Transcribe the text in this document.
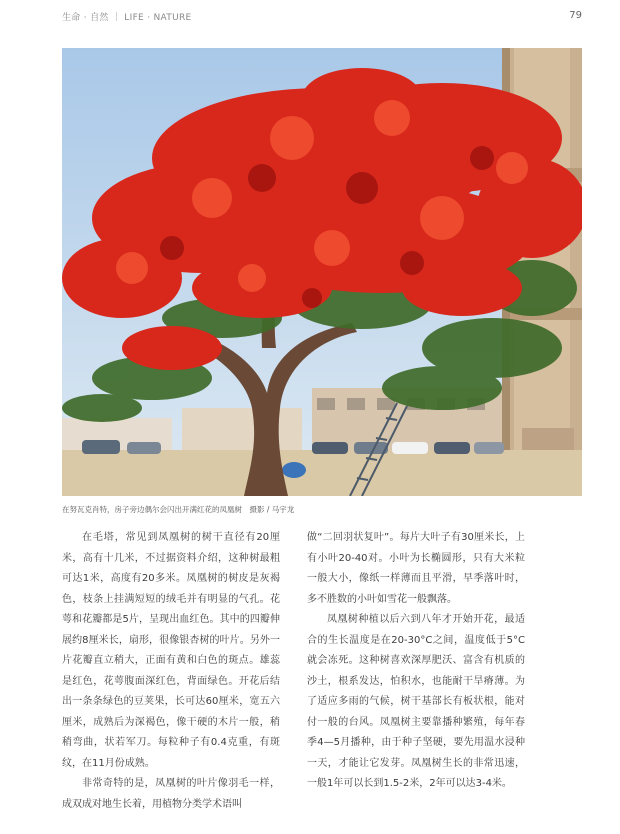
生命 · 自然 ｜ LIFE · NATURE	79
在努瓦克肖特，房子旁边偶尔会闪出开满红花的凤凰树　摄影 / 马宇龙

在毛塔，常见到凤凰树的树干直径有20厘米，高有十几米，不过据资料介绍，这种树最粗可达1米，高度有20多米。凤凰树的树皮是灰褐色，枝条上挂满短短的绒毛并有明显的气孔。花萼和花瓣都是5片，呈现出血红色。其中的四瓣伸展约8厘米长，扇形，很像银杏树的叶片。另外一片花瓣直立稍大，正面有黄和白色的斑点。雄蕊是红色，花萼腹面深红色，背面绿色。开花后结出一条条绿色的豆荚果，长可达60厘米，宽五六厘米，成熟后为深褐色，像干硬的木片一般，稍稍弯曲，状若军刀。每粒种子有0.4克重，有斑纹，在11月份成熟。

非常奇特的是，凤凰树的叶片像羽毛一样，成双成对地生长着，用植物分类学术语叫

做“二回羽状复叶”。每片大叶子有30厘米长，上有小叶20-40对。小叶为长椭圆形，只有大米粒一般大小，像纸一样薄而且平滑，早季落叶时，多不胜数的小叶如雪花一般飘落。

凤凰树种植以后六到八年才开始开花，最适合的生长温度是在20-30°C之间，温度低于5°C就会冻死。这种树喜欢深厚肥沃、富含有机质的沙土，根系发达，怕积水，也能耐干旱瘠薄。为了适应多雨的气候，树干基部长有板状根，能对付一般的台风。凤凰树主要靠播种繁殖，每年春季4—5月播种，由于种子坚硬，要先用温水浸种一天，才能让它发芽。凤凰树生长的非常迅速，一般1年可以长到1.5-2米，2年可以达3-4米。
